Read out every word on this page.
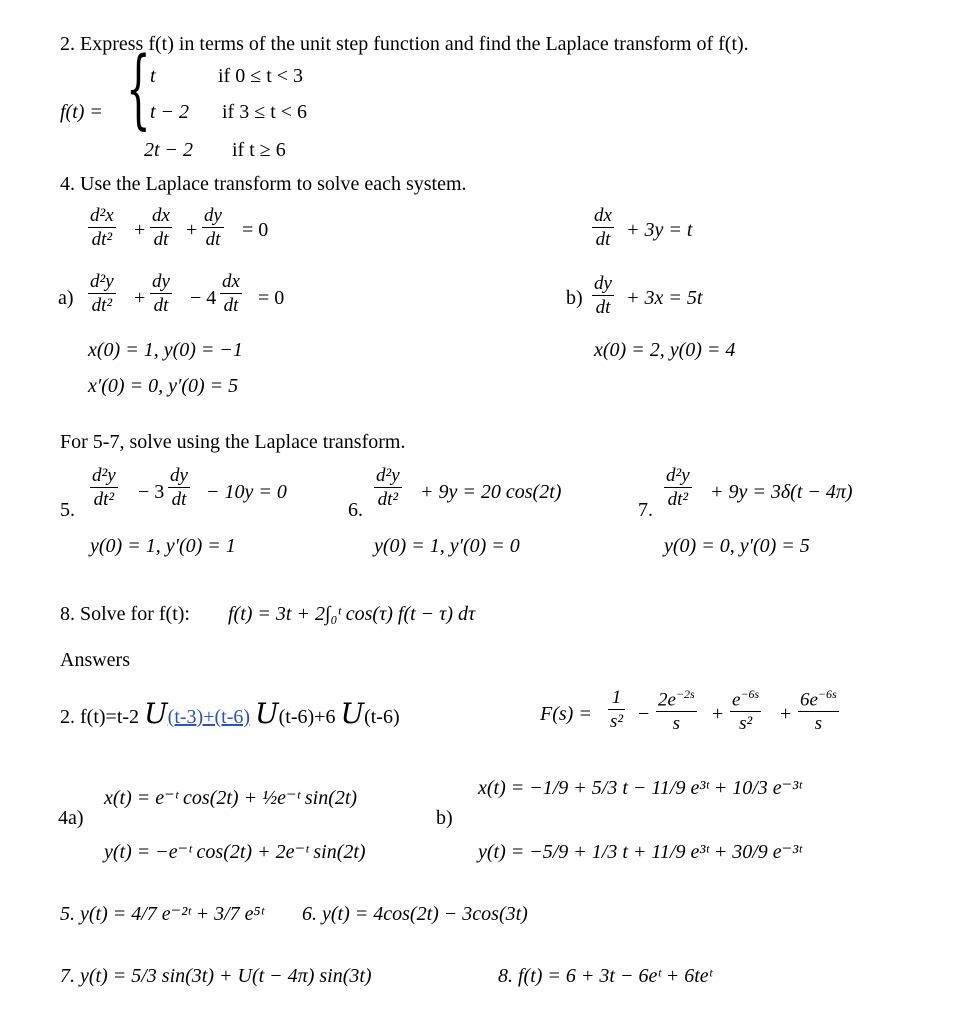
2. Express f(t) in terms of the unit step function and find the Laplace transform of f(t).
f(t) = { t	if 0 ≤ t < 3
t − 2 if 3 ≤ t < 6
2t − 2 if t ≥ 6
4. Use the Laplace transform to solve each system.
d²x
dt² +
dx
dt +
dy
dt = 0
a)
d²y
dt² +
dy
dt − 4
dx
dt = 0
x(0) = 1, y(0) = −1
x′(0) = 0, y′(0) = 5
dx
dt + 3y = t
b)
dy
dt + 3x = 5t
x(0) = 2, y(0) = 4
For 5-7, solve using the Laplace transform.
5.
d²y
dt² − 3
dy
dt − 10y = 0
y(0) = 1, y′(0) = 1
6.
d²y
dt² + 9y = 20 cos(2t)
y(0) = 1, y′(0) = 0
7.
d²y
dt² + 9y = 3δ(t − 4π)
y(0) = 0, y′(0) = 5
8. Solve for f(t): f(t) = 3t + 2∫₀ᵗ cos(τ) f(t − τ) dτ
Answers
2. f(t)=t-2 U(t-3)+(t-6) U(t-6)+6 U(t-6)	F(s) =
1
s² −
$2e^{-2s}$
s	+
$e^{-6s}$
s²	+
$6e^{-6s}$
s
4a)
x(t) = e⁻ᵗ cos(2t) + ½e⁻ᵗ sin(2t)
y(t) = −e⁻ᵗ cos(2t) + 2e⁻ᵗ sin(2t)
b)
x(t) = −1/9 + 5/3 t − 11/9 e³ᵗ + 10/3 e⁻³ᵗ
y(t) = −5/9 + 1/3 t + 11/9 e³ᵗ + 30/9 e⁻³ᵗ
5. y(t) = 4/7 e⁻²ᵗ + 3/7 e⁵ᵗ 6. y(t) = 4cos(2t) − 3cos(3t)
7. y(t) = 5/3 sin(3t) + U(t − 4π) sin(3t)	8. f(t) = 6 + 3t − 6eᵗ + 6teᵗ
